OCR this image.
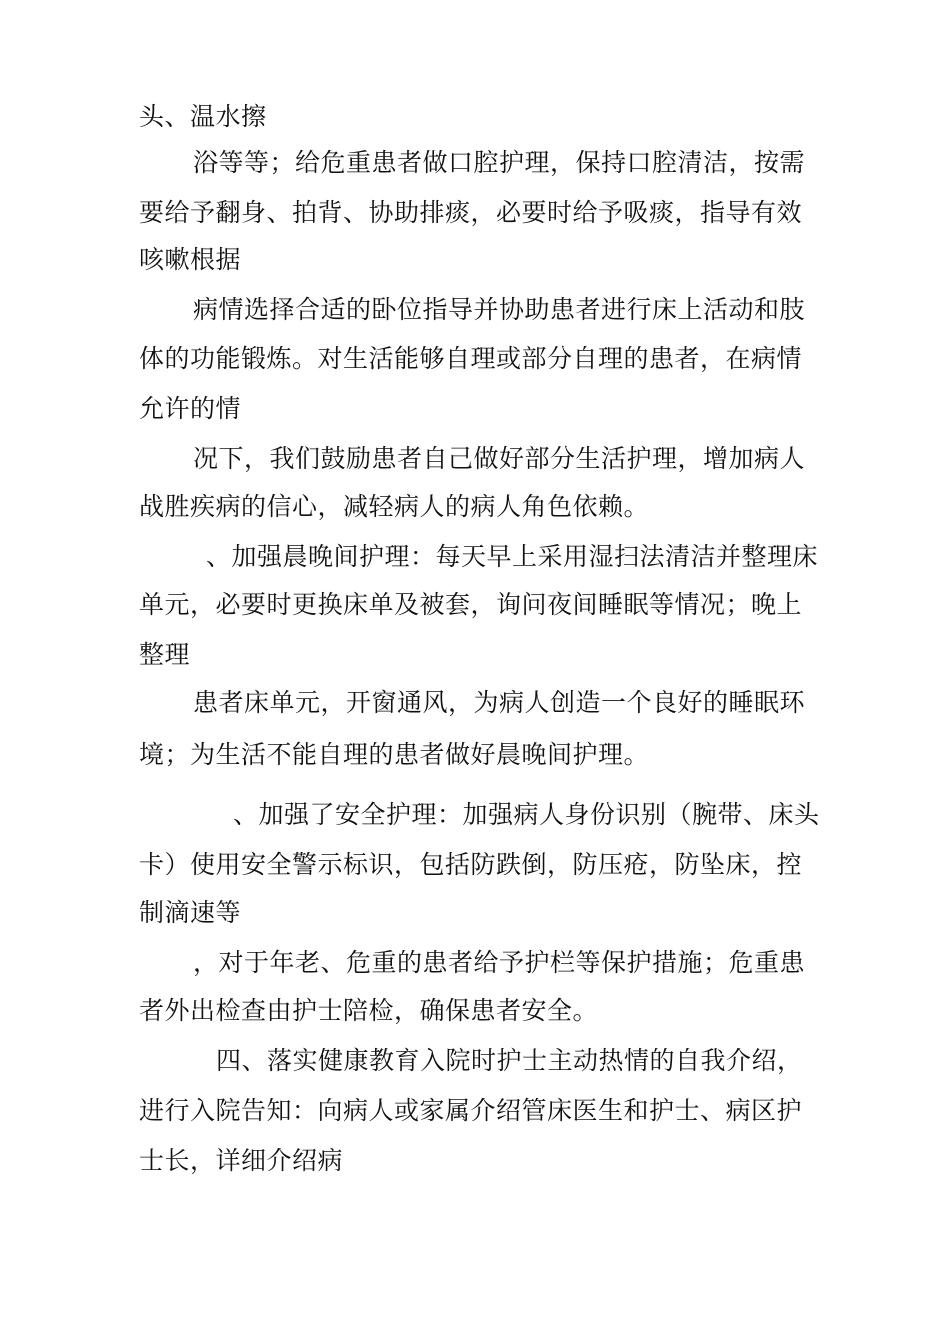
头、温水擦
浴等等；给危重患者做口腔护理，保持口腔清洁，按需
要给予翻身、拍背、协助排痰，必要时给予吸痰，指导有效
咳嗽根据
病情选择合适的卧位指导并协助患者进行床上活动和肢
体的功能锻炼。对生活能够自理或部分自理的患者，在病情
允许的情
况下，我们鼓励患者自己做好部分生活护理，增加病人
战胜疾病的信心，减轻病人的病人角色依赖。
、加强晨晚间护理：每天早上采用湿扫法清洁并整理床
单元，必要时更换床单及被套，询问夜间睡眠等情况；晚上
整理
患者床单元，开窗通风，为病人创造一个良好的睡眠环
境；为生活不能自理的患者做好晨晚间护理。
、加强了安全护理：加强病人身份识别（腕带、床头
卡）使用安全警示标识，包括防跌倒，防压疮，防坠床，控
制滴速等
，对于年老、危重的患者给予护栏等保护措施；危重患
者外出检查由护士陪检，确保患者安全。
四、落实健康教育入院时护士主动热情的自我介绍，
进行入院告知：向病人或家属介绍管床医生和护士、病区护
士长，详细介绍病
